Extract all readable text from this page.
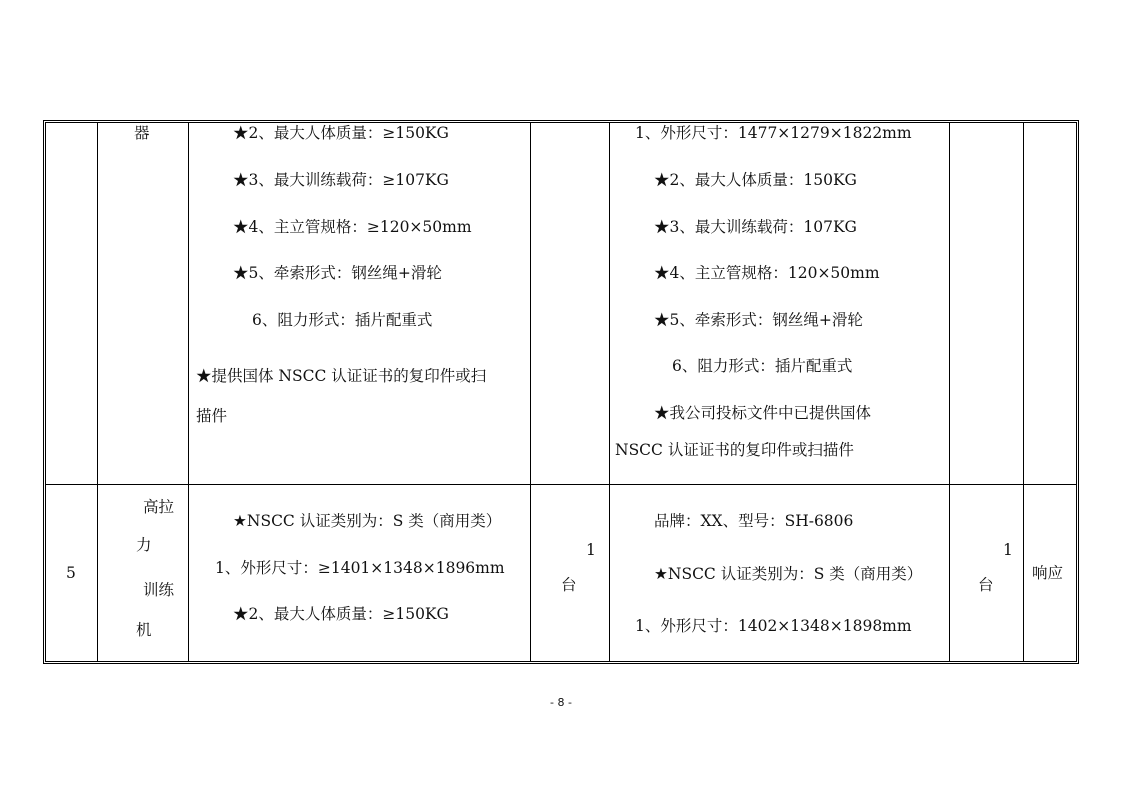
器	★2、最大人体质量：≥150KG
★3、最大训练载荷：≥107KG
★4、主立管规格：≥120×50mm
★5、牵索形式：钢丝绳+滑轮
6、阻力形式：插片配重式
★提供国体 NSCC 认证证书的复印件或扫
描件
1、外形尺寸：1477×1279×1822mm
★2、最大人体质量：150KG
★3、最大训练载荷：107KG
★4、主立管规格：120×50mm
★5、牵索形式：钢丝绳+滑轮
6、阻力形式：插片配重式
★我公司投标文件中已提供国体
NSCC 认证证书的复印件或扫描件
5
高拉
力
训练
机
★NSCC 认证类别为：S 类（商用类）
1、外形尺寸：≥1401×1348×1896mm
★2、最大人体质量：≥150KG
1
台
品牌：XX、型号：SH-6806
★NSCC 认证类别为：S 类（商用类）
1、外形尺寸：1402×1348×1898mm
1
台
响应
- 8 -
